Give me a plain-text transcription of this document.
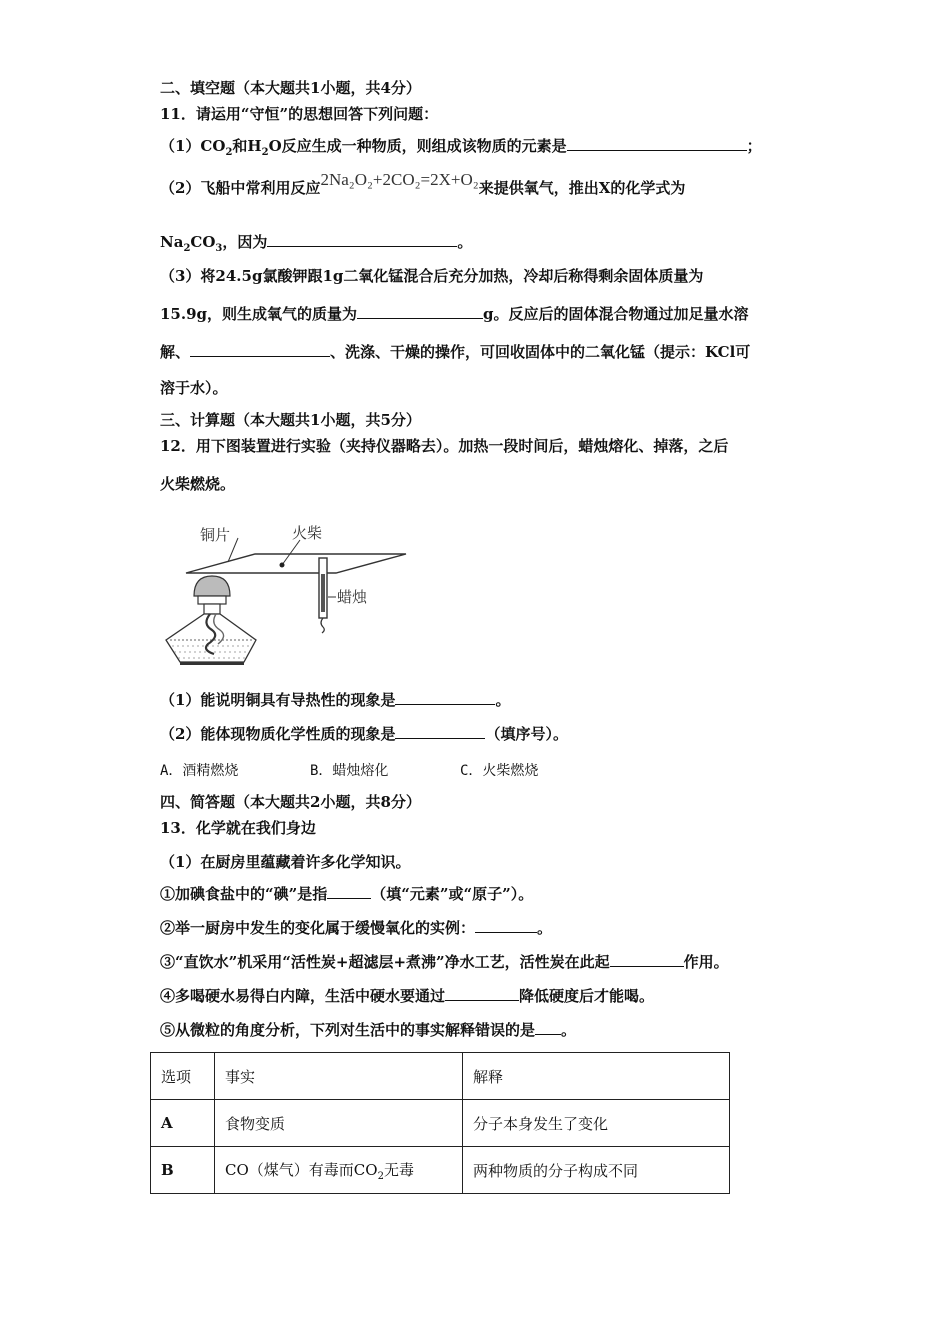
二、填空题（本大题共1小题，共4分）
11．请运用“守恒”的思想回答下列问题：
$(1)CO_2$和$H_2O$反应生成一种物质，则组成该物质的元素是	；
（2）飞船中常利用反应2Na₂O₂+2CO₂=2X+O₂来提供氧气，推出X的化学式为
$Na_2CO_3$，因为	。
（3）将24.5g氯酸钾跟1g二氧化锰混合后充分加热，冷却后称得剩余固体质量为
15.9g，则生成氧气的质量为	g。反应后的固体混合物通过加足量水溶
解、	、洗涤、干燥的操作，可回收固体中的二氧化锰（提示：KCl可
溶于水）。
三、计算题（本大题共1小题，共5分）
12．用下图装置进行实验（夹持仪器略去）。加热一段时间后，蜡烛熔化、掉落，之后
火柴燃烧。
铜片	火柴
蜡烛
（1）能说明铜具有导热性的现象是	。
（2）能体现物质化学性质的现象是	（填序号）。
A．酒精燃烧	B．蜡烛熔化	C．火柴燃烧
四、简答题（本大题共2小题，共8分）
13．化学就在我们身边
（1）在厨房里蕴藏着许多化学知识。
①加碘食盐中的“碘”是指	（填“元素”或“原子”）。
②举一厨房中发生的变化属于缓慢氧化的实例：	。
③“直饮水”机采用“活性炭+超滤层+煮沸”净水工艺，活性炭在此起	作用。
④多喝硬水易得白内障，生活中硬水要通过	降低硬度后才能喝。
⑤从微粒的角度分析，下列对生活中的事实解释错误的是 。
选项	事实	解释
A	食物变质	分子本身发生了变化
B	CO（煤气）有毒而$CO_2$无毒	两种物质的分子构成不同
